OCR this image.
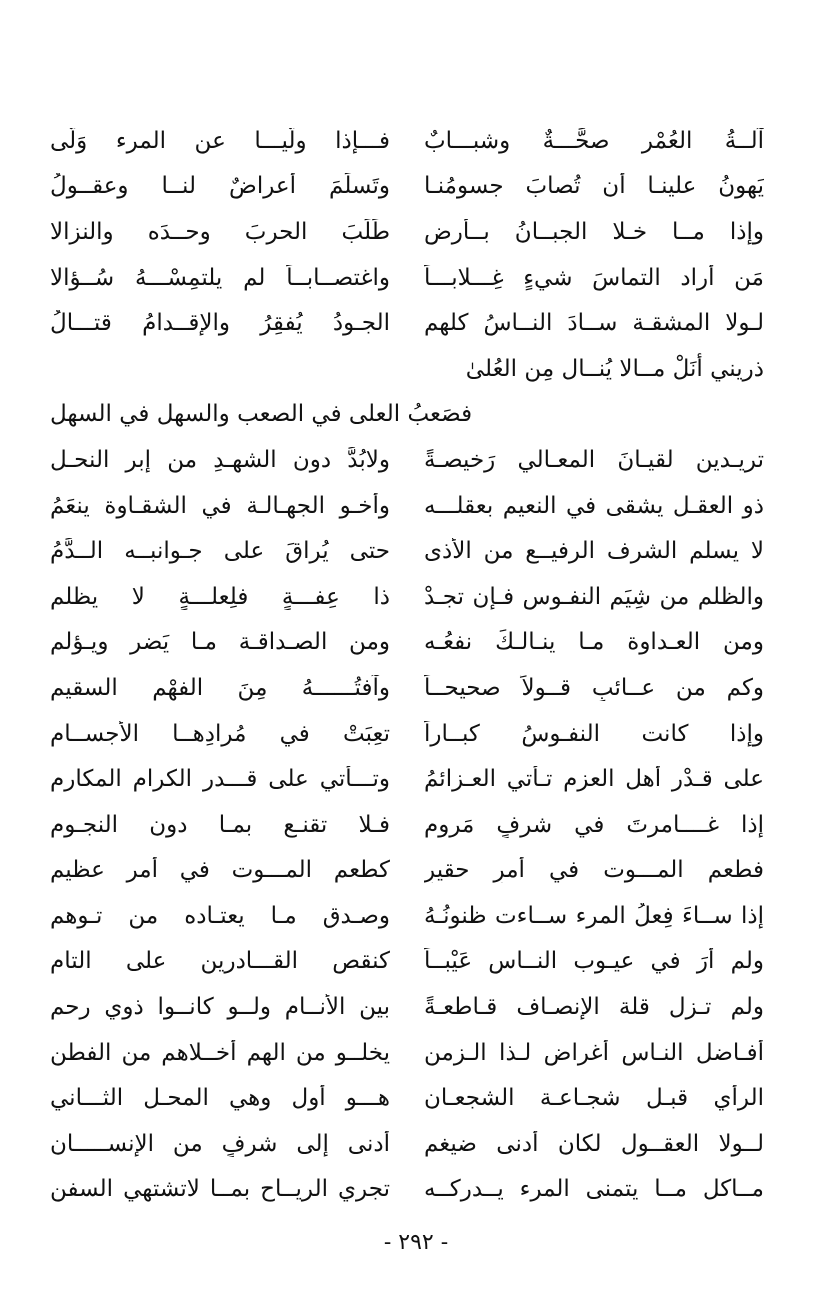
آلــةُ العُمْرِ صحَّـــةٌ وشبـــابٌ
فـــإذا ولَّيـــا عن المرء وَلّى
يَهونُ علينـا أن تُصابَ جسومُنـا
وتَسلَمَ أعراضٌ لنــا وعقــولُ
وإذا مــا خـلا الجبــانُ بــأرضٍ
طَلَبَ الحربَ وحــدَه والنزالا
مَن أراد التماسَ شيءٍ غِـــلابـــاً
واغتصــابــاً لم يلتمِسْـــهُ سُــؤالا
لـولا المشقـة ســادَ النــاسُ كلهم
الجـودُ يُفقِرُ والإقــدامُ قتـــالُ
ذريني أنَلْ مــالا يُنــال مِن العُلىٰ
فصَعبُ العلى في الصعب والسهل في السهل
تريـدين لقيـانَ المعـالي رَخيصـةً
ولابُدَّ دون الشهـدِ من إبر النحـل
ذو العقـل يشقى في النعيم بعقلـــه
وأخـو الجهـالـة في الشقـاوة ينعَمُ
لا يسلم الشرف الرفيــع من الأذى
حتى يُراقَ على جـوانبــه الــدَّمُ
والظلم من شِيَم النفـوس فـإن تجـدْ
ذا عِفـــةٍ فلِعلـــةٍ لا يظلم
ومن العـداوة مـا ينـالـكَ نفعُـه
ومن الصـداقـة مـا يَضر ويـؤلم
وكم من عــائبٍ قــولاً صحيحــاً
وآفتُــــــهُ مِنَ الفهْم السقيم
وإذا كانت النفـوسُ كبــاراً
تعِبَتْ في مُرادِهــا الأجســام
على قـدْرِ أهل العزم تـأتي العـزائمُ
وتـــأتي على قـــدر الكرام المكارم
إذا غــــامرتَ في شرفٍ مَرومٍ
فـلا تقنـع بمـا دون النجـوم
فطعم المـــوت في أمرٍ حقيرٍ
كطعم المـــوت في أمر عظيم
إذا ســاءَ فِعلُ المرء ســاءت ظنونُـهُ
وصـدق مـا يعتـاده من تـوهم
ولم أرَ في عيـوب النــاس عَيْبــاً
كنقص القـــادرين على التام
ولم تـزل قلة الإنصـاف قـاطعـةً
بين الأنــام ولــو كانــوا ذوي رحم
أفـاضل النـاس أغراض لـذا الـزمنِ
يخلــو من الهم أخــلاهم من الفطنِ
الرأي قبـل شجـاعـة الشجعـان
هـــو أول وهي المحـل الثـــاني
لــولا العقــول لكان أدنى ضيغمٍ
أدنى إلى شرفٍ من الإنســـــان
مــاكل مــا يتمنى المرء يــدركــه
تجري الريــاح بمــا لاتشتهي السفن
- ٢٩٢ -
